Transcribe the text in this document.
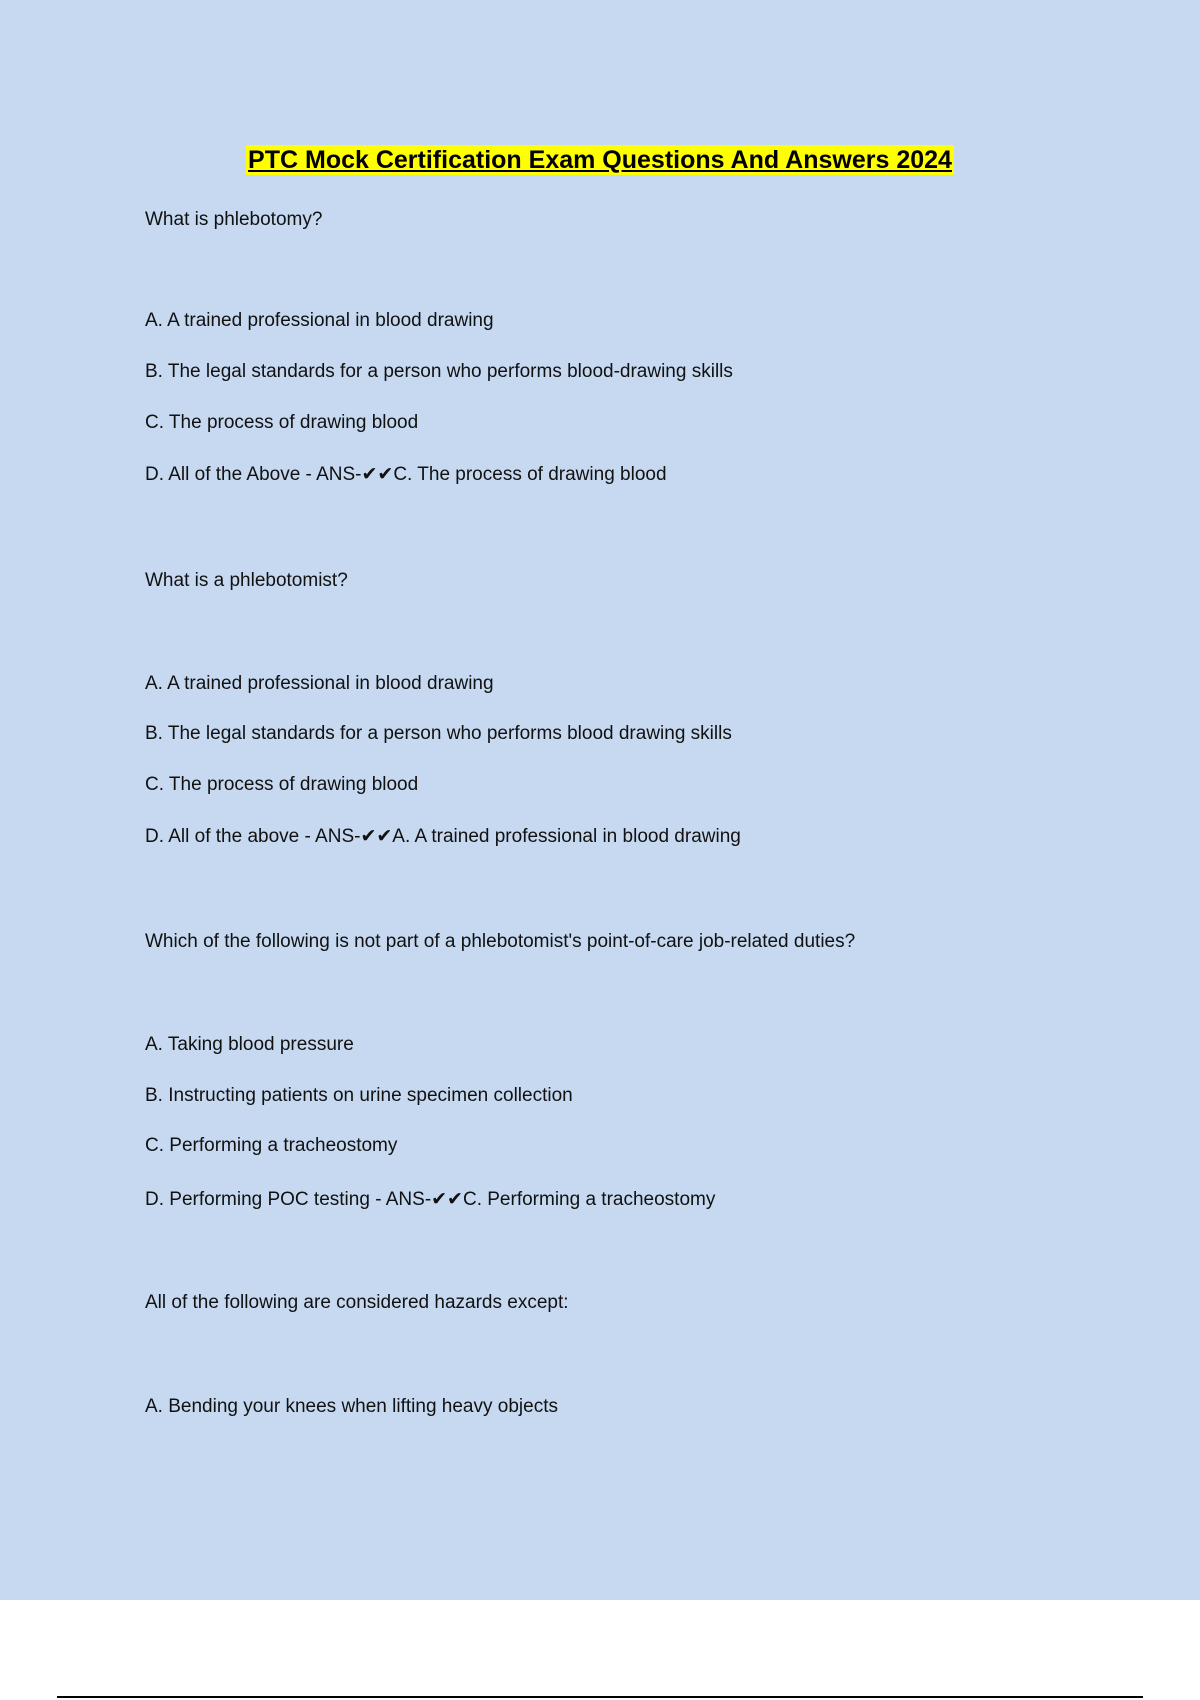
PTC Mock Certification Exam Questions And Answers 2024
What is phlebotomy?
A. A trained professional in blood drawing
B. The legal standards for a person who performs blood-drawing skills
C. The process of drawing blood
D. All of the Above - ANS-✔✔C. The process of drawing blood
What is a phlebotomist?
A. A trained professional in blood drawing
B. The legal standards for a person who performs blood drawing skills
C. The process of drawing blood
D. All of the above - ANS-✔✔A. A trained professional in blood drawing
Which of the following is not part of a phlebotomist's point-of-care job-related duties?
A. Taking blood pressure
B. Instructing patients on urine specimen collection
C. Performing a tracheostomy
D. Performing POC testing - ANS-✔✔C. Performing a tracheostomy
All of the following are considered hazards except:
A. Bending your knees when lifting heavy objects
